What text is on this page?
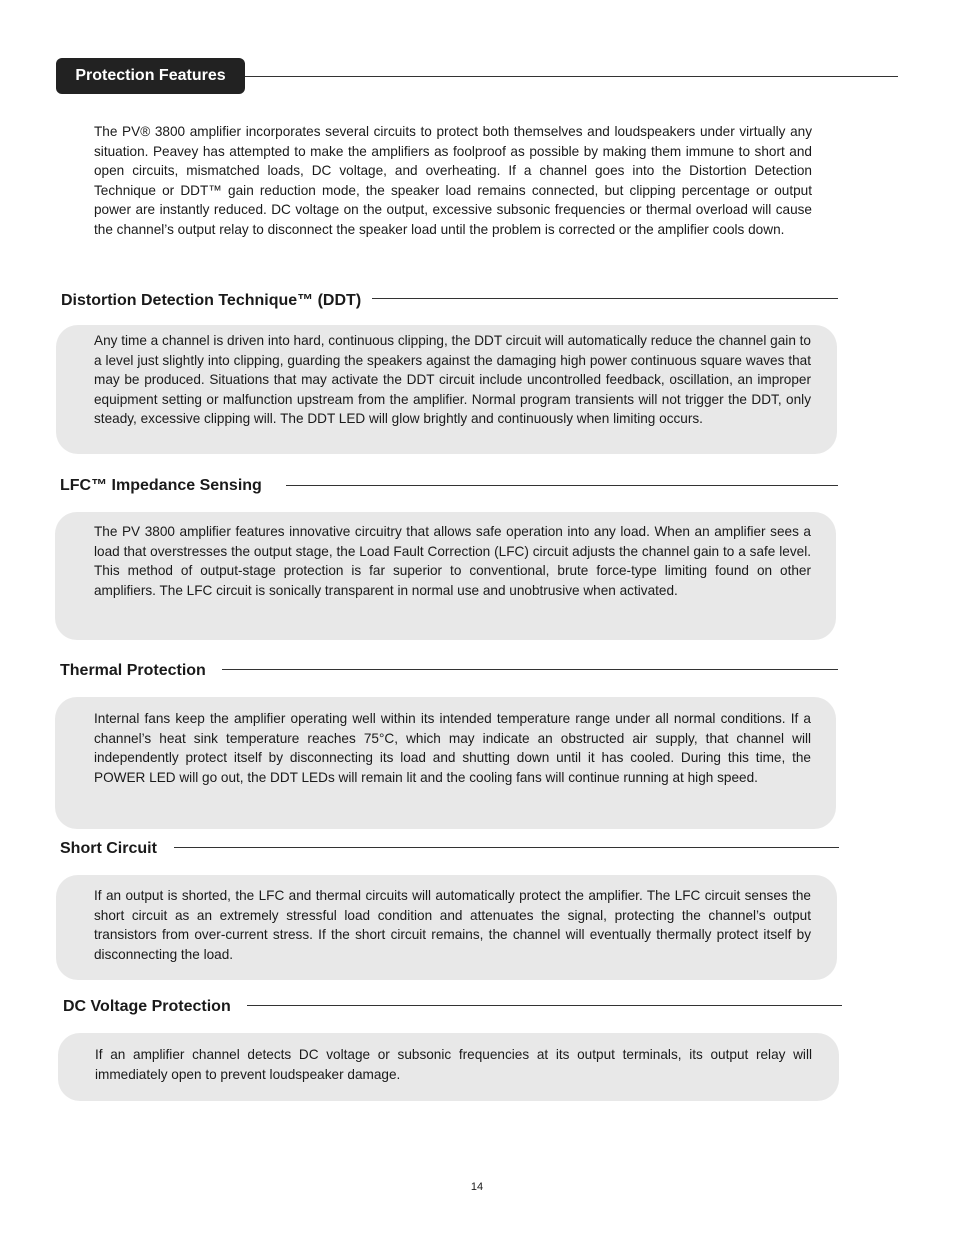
Protection Features
The PV® 3800 amplifier incorporates several circuits to protect both themselves and loudspeakers under virtually any situation. Peavey has attempted to make the amplifiers as foolproof as possible by making them immune to short and open circuits, mismatched loads, DC voltage, and overheating. If a channel goes into the Distortion Detection Technique or DDT™ gain reduction mode, the speaker load remains connected, but clipping percentage or output power are instantly reduced. DC voltage on the output, excessive subsonic frequencies or thermal overload will cause the channel’s output relay to disconnect the speaker load until the problem is corrected or the amplifier cools down.
Distortion Detection Technique™ (DDT)
Any time a channel is driven into hard, continuous clipping, the DDT circuit will automatically reduce the channel gain to a level just slightly into clipping, guarding the speakers against the damaging high power continuous square waves that may be produced. Situations that may activate the DDT circuit include uncontrolled feedback, oscillation, an improper equipment setting or malfunction upstream from the amplifier. Normal program transients will not trigger the DDT, only steady, excessive clipping will. The DDT LED will glow brightly and continuously when limiting occurs.
LFC™ Impedance Sensing
The PV 3800 amplifier features innovative circuitry that allows safe operation into any load. When an amplifier sees a load that overstresses the output stage, the Load Fault Correction (LFC) circuit adjusts the channel gain to a safe level. This method of output-stage protection is far superior to conventional, brute force-type limiting found on other amplifiers. The LFC circuit is sonically transparent in normal use and unobtrusive when activated.
Thermal Protection
Internal fans keep the amplifier operating well within its intended temperature range under all normal conditions. If a channel’s heat sink temperature reaches 75°C, which may indicate an obstructed air supply, that channel will independently protect itself by disconnecting its load and shutting down until it has cooled. During this time, the POWER LED will go out, the DDT LEDs will remain lit and the cooling fans will continue running at high speed.
Short Circuit
If an output is shorted, the LFC and thermal circuits will automatically protect the amplifier. The LFC circuit senses the short circuit as an extremely stressful load condition and attenuates the signal, protecting the channel’s output transistors from over-current stress. If the short circuit remains, the channel will eventually thermally protect itself by disconnecting the load.
DC Voltage Protection
If an amplifier channel detects DC voltage or subsonic frequencies at its output terminals, its output relay will immediately open to prevent loudspeaker damage.
14
